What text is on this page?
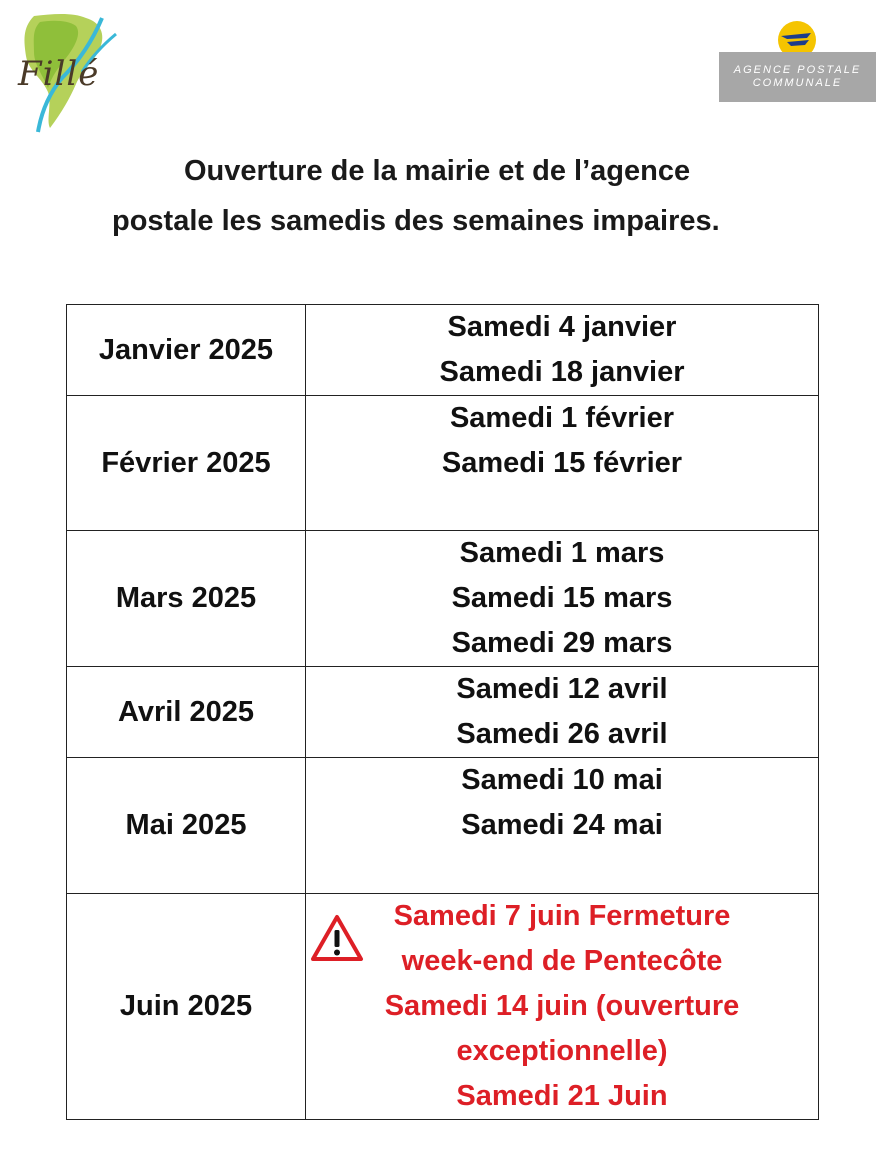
Fillé	AGENCE POSTALE
COMMUNALE
Ouverture de la mairie et de l’agence
postale les samedis des semaines impaires.
Janvier 2025	Samedi 4 janvier
Samedi 18 janvier

Février 2025	Samedi 1 février
Samedi 15 février

Mars 2025	Samedi 1 mars
Samedi 15 mars
Samedi 29 mars

Avril 2025	Samedi 12 avril
Samedi 26 avril

Mai 2025	Samedi 10 mai
Samedi 24 mai

Juin 2025	Samedi 7 juin Fermeture
week-end de Pentecôte
Samedi 14 juin (ouverture
exceptionnelle)
Samedi 21 Juin
